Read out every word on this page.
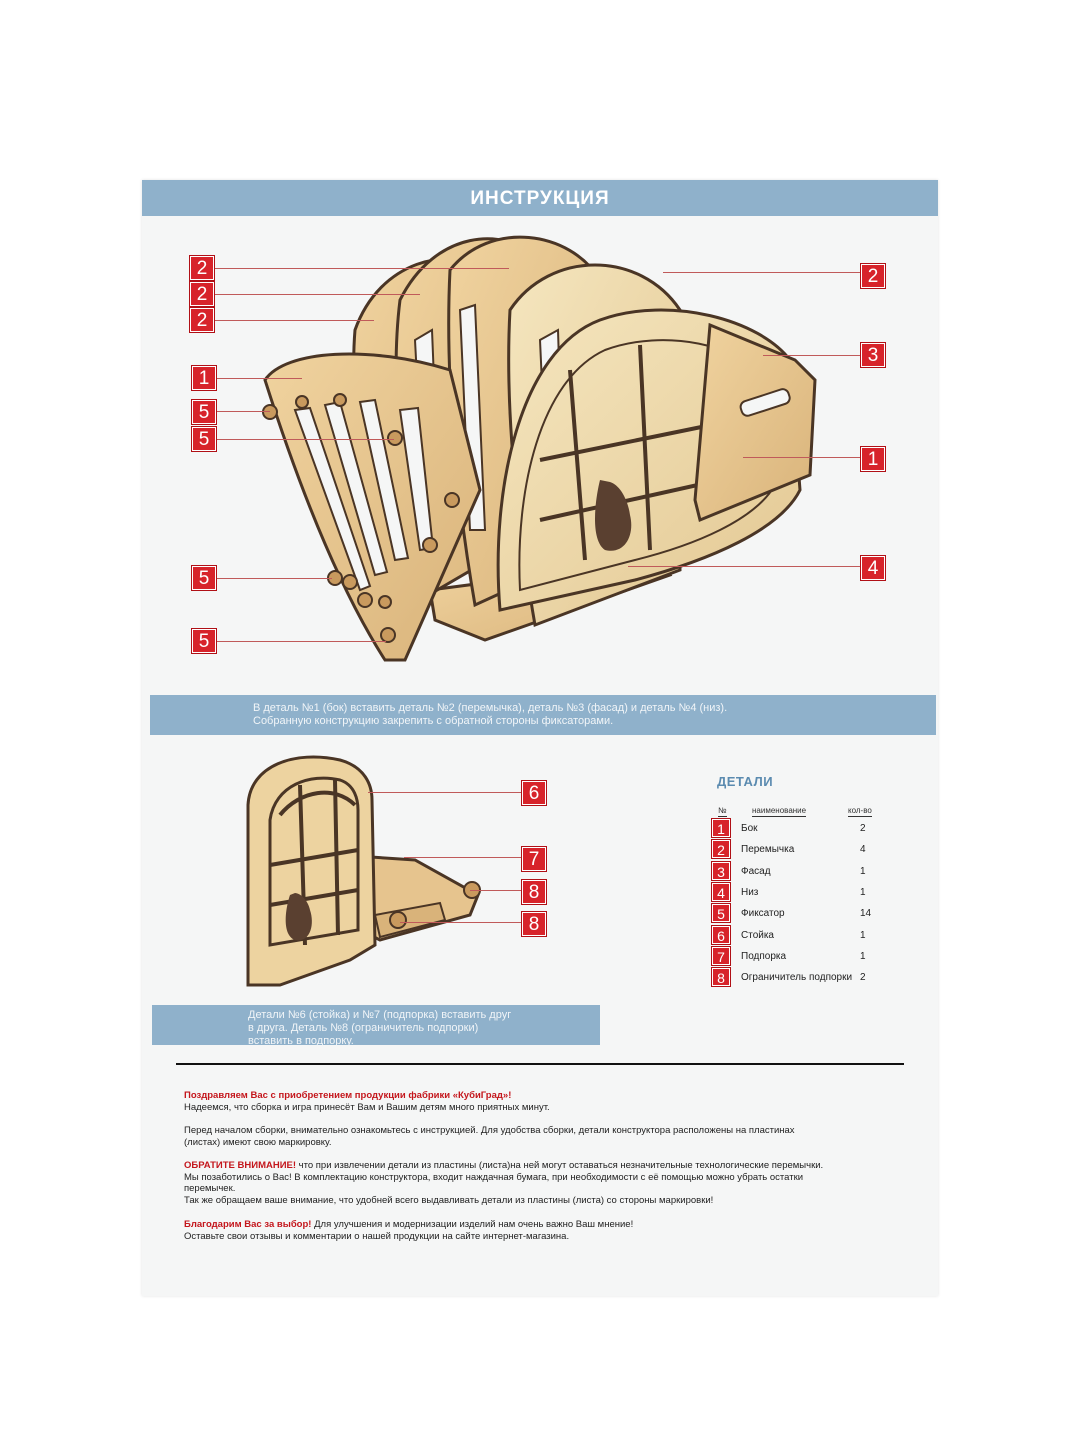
ИНСТРУКЦИЯ
2
2
2
1
5
5
5
5
2
3
1
4
В деталь №1 (бок) вставить деталь №2 (перемычка), деталь №3 (фасад) и деталь №4 (низ).
Собранную конструкцию закрепить с обратной стороны фиксаторами.
6
7
8
8
Детали №6 (стойка) и №7 (подпорка) вставить друг
в друга. Деталь №8 (ограничитель подпорки)
вставить в подпорку.
ДЕТАЛИ
№	наименование	кол-во
1	Бок	2
2	Перемычка	4
3	Фасад	1
4	Низ	1
5	Фиксатор	14
6	Стойка	1
7	Подпорка	1
8	Ограничитель подпорки 2
Поздравляем Вас с приобретением продукции фабрики «КубиГрад»!
Надеемся, что сборка и игра принесёт Вам и Вашим детям много приятных минут.
Перед началом сборки, внимательно ознакомьтесь с инструкцией. Для удобства сборки, детали конструктора расположены на пластинах
(листах) имеют свою маркировку.
ОБРАТИТЕ ВНИМАНИЕ! что при извлечении детали из пластины (листа)на ней могут оставаться незначительные технологические перемычки.
Мы позаботились о Вас! В комплектацию конструктора, входит наждачная бумага, при необходимости с её помощью можно убрать остатки
перемычек.
Так же обращаем ваше внимание, что удобней всего выдавливать детали из пластины (листа) со стороны маркировки!
Благодарим Вас за выбор! Для улучшения и модернизации изделий нам очень важно Ваш мнение!
Оставьте свои отзывы и комментарии о нашей продукции на сайте интернет-магазина.
